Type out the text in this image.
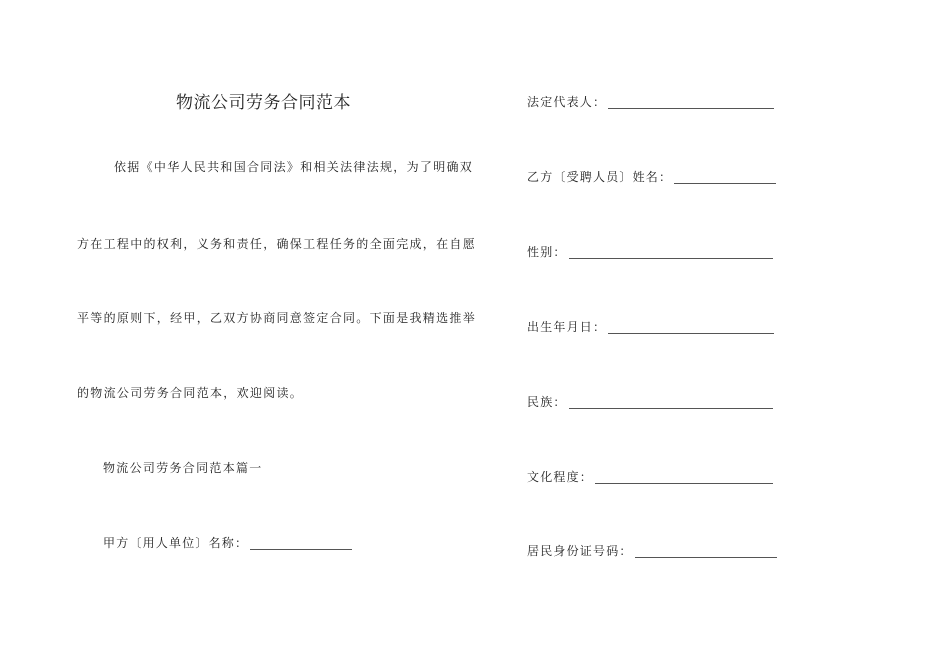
物流公司劳务合同范本
依据《中华人民共和国合同法》和相关法律法规，为了明确双
方在工程中的权利，义务和责任，确保工程任务的全面完成，在自愿
平等的原则下，经甲，乙双方协商同意签定合同。下面是我精选推举
的物流公司劳务合同范本，欢迎阅读。
物流公司劳务合同范本篇一
甲方〔用人单位〕名称：
法定代表人：
乙方〔受聘人员〕姓名：
性别：
出生年月日：
民族：
文化程度：
居民身份证号码：
